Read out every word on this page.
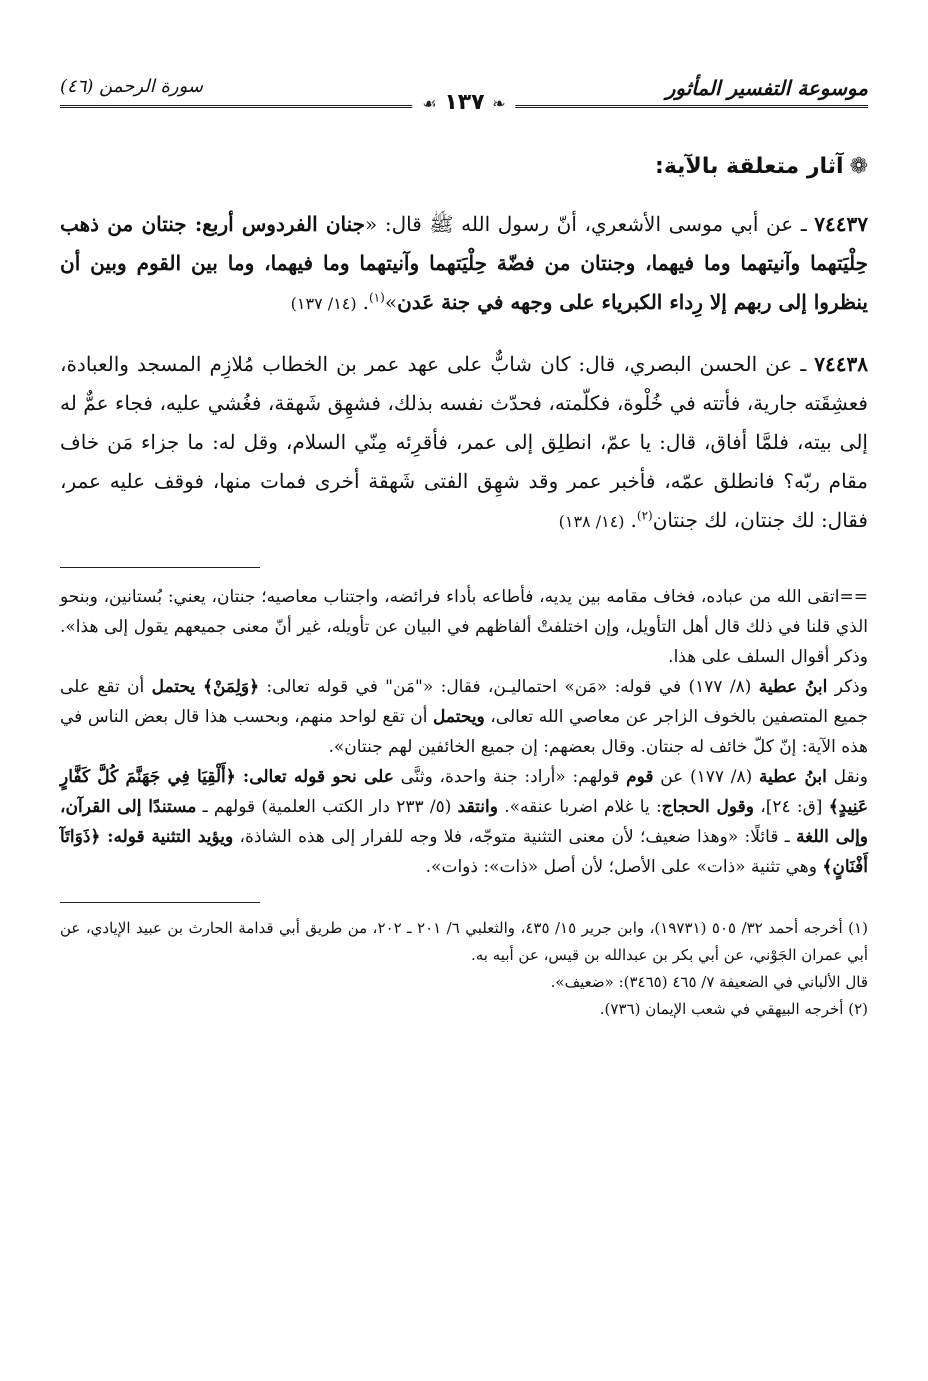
موسوعة التفسير المأثور
❧ ١٣٧ ☙
سورة الرحمن (٤٦)
❁آثار متعلقة بالآية:
٧٤٤٣٧ ـ عن أبي موسى الأشعري، أنّ رسول الله ﷺ قال: «جنان الفردوس أربع: جنتان من ذهب حِلْيَتهما وآنيتهما وما فيهما، وجنتان من فضّة حِلْيَتهما وآنيتهما وما فيهما، وما بين القوم وبين أن ينظروا إلى ربهم إلا رِداء الكبرياء على وجهه في جنة عَدن»$^{(١)}$.(١٤/ ١٣٧)
٧٤٤٣٨ ـ عن الحسن البصري، قال: كان شابٌّ على عهد عمر بن الخطاب مُلازِم المسجد والعبادة، فعشِقَته جارية، فأتته في خُلْوة، فكلّمته، فحدّث نفسه بذلك، فشهِق شَهقة، فغُشي عليه، فجاء عمٌّ له إلى بيته، فلمَّا أفاق، قال: يا عمّ، انطلِق إلى عمر، فأقرِئه مِنّي السلام، وقل له: ما جزاء مَن خاف مقام ربّه؟ فانطلق عمّه، فأخبر عمر وقد شهِق الفتى شَهقة أخرى فمات منها، فوقف عليه عمر، فقال: لك جنتان، لك جنتان$^{(٢)}$.(١٤/ ١٣٨)

==اتقى الله من عباده، فخاف مقامه بين يديه، فأطاعه بأداء فرائضه، واجتناب معاصيه؛ جنتان، يعني: بُستانين، وبنحو الذي قلنا في ذلك قال أهل التأويل، وإن اختلفتْ ألفاظهم في البيان عن تأويله، غير أنّ معنى جميعهم يقول إلى هذا». وذكر أقوال السلف على هذا.

وذكر ابنُ عطية (٨/ ١٧٧) في قوله: «مَن» احتماليـن، فقال: «"مَن" في قوله تعالى: ﴿وَلِمَنْ﴾ يحتمل أن تقع على جميع المتصفين بالخوف الزاجر عن معاصي الله تعالى، ويحتمل أن تقع لواحد منهم، وبحسب هذا قال بعض الناس في هذه الآية: إنّ كلّ خائف له جنتان. وقال بعضهم: إن جميع الخائفين لهم جنتان».

ونقل ابنُ عطية (٨/ ١٧٧) عن قوم قولهم: «أراد: جنة واحدة، وثنَّى على نحو قوله تعالى: ﴿أَلْقِيَا فِي جَهَنَّمَ كُلَّ كَفَّارٍ عَنِيدٍ﴾ [ق: ٢٤]، وقول الحجاج: يا غلام اضربا عنقه». وانتقد (٥/ ٢٣٣ دار الكتب العلمية) قولهم ـ مستندًا إلى القرآن، وإلى اللغة ـ قائلًا: «وهذا ضعيف؛ لأن معنى التثنية متوجّه، فلا وجه للفرار إلى هذه الشاذة، ويؤيد التثنية قوله: ﴿ذَوَاتَآ أَفْنَانٍ﴾ وهي تثنية «ذات» على الأصل؛ لأن أصل «ذات»: ذوات».

(١) أخرجه أحمد ٣٢/ ٥٠٥ (١٩٧٣١)، وابن جرير ١٥/ ٤٣٥، والثعلبي ٦/ ٢٠١ ـ ٢٠٢، من طريق أبي قدامة الحارث بن عبيد الإيادي، عن أبي عمران الجَوْني، عن أبي بكر بن عبدالله بن قيس، عن أبيه به.

قال الألباني في الضعيفة ٧/ ٤٦٥ (٣٤٦٥): «ضعيف».

(٢) أخرجه البيهقي في شعب الإيمان (٧٣٦).
